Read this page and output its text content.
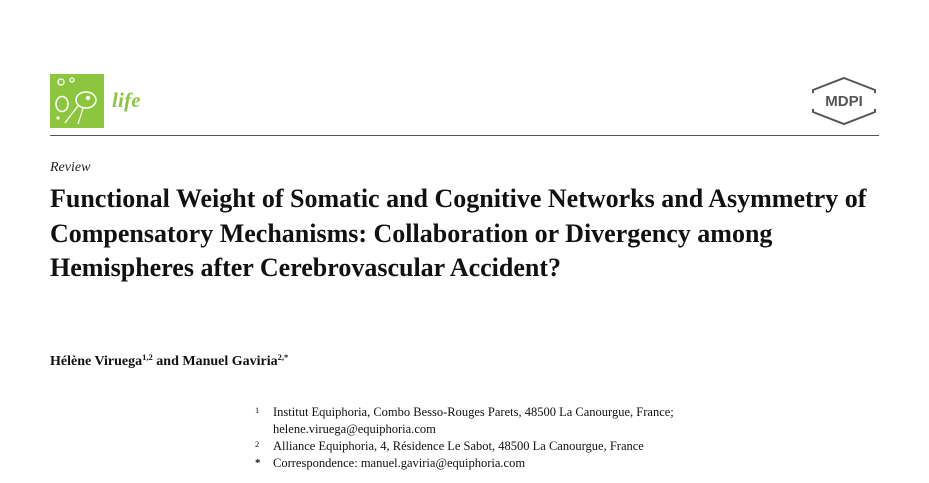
life	MDPI
Review
Functional Weight of Somatic and Cognitive Networks and Asymmetry of Compensatory Mechanisms: Collaboration or Divergency among Hemispheres after Cerebrovascular Accident?
Hélène Viruega$^{1,2}$ and Manuel Gaviria$^{2,*}$
1 Institut Equiphoria, Combo Besso-Rouges Parets, 48500 La Canourgue, France; helene.viruega@equiphoria.com
2 Alliance Equiphoria, 4, Résidence Le Sabot, 48500 La Canourgue, France
* Correspondence: manuel.gaviria@equiphoria.com
